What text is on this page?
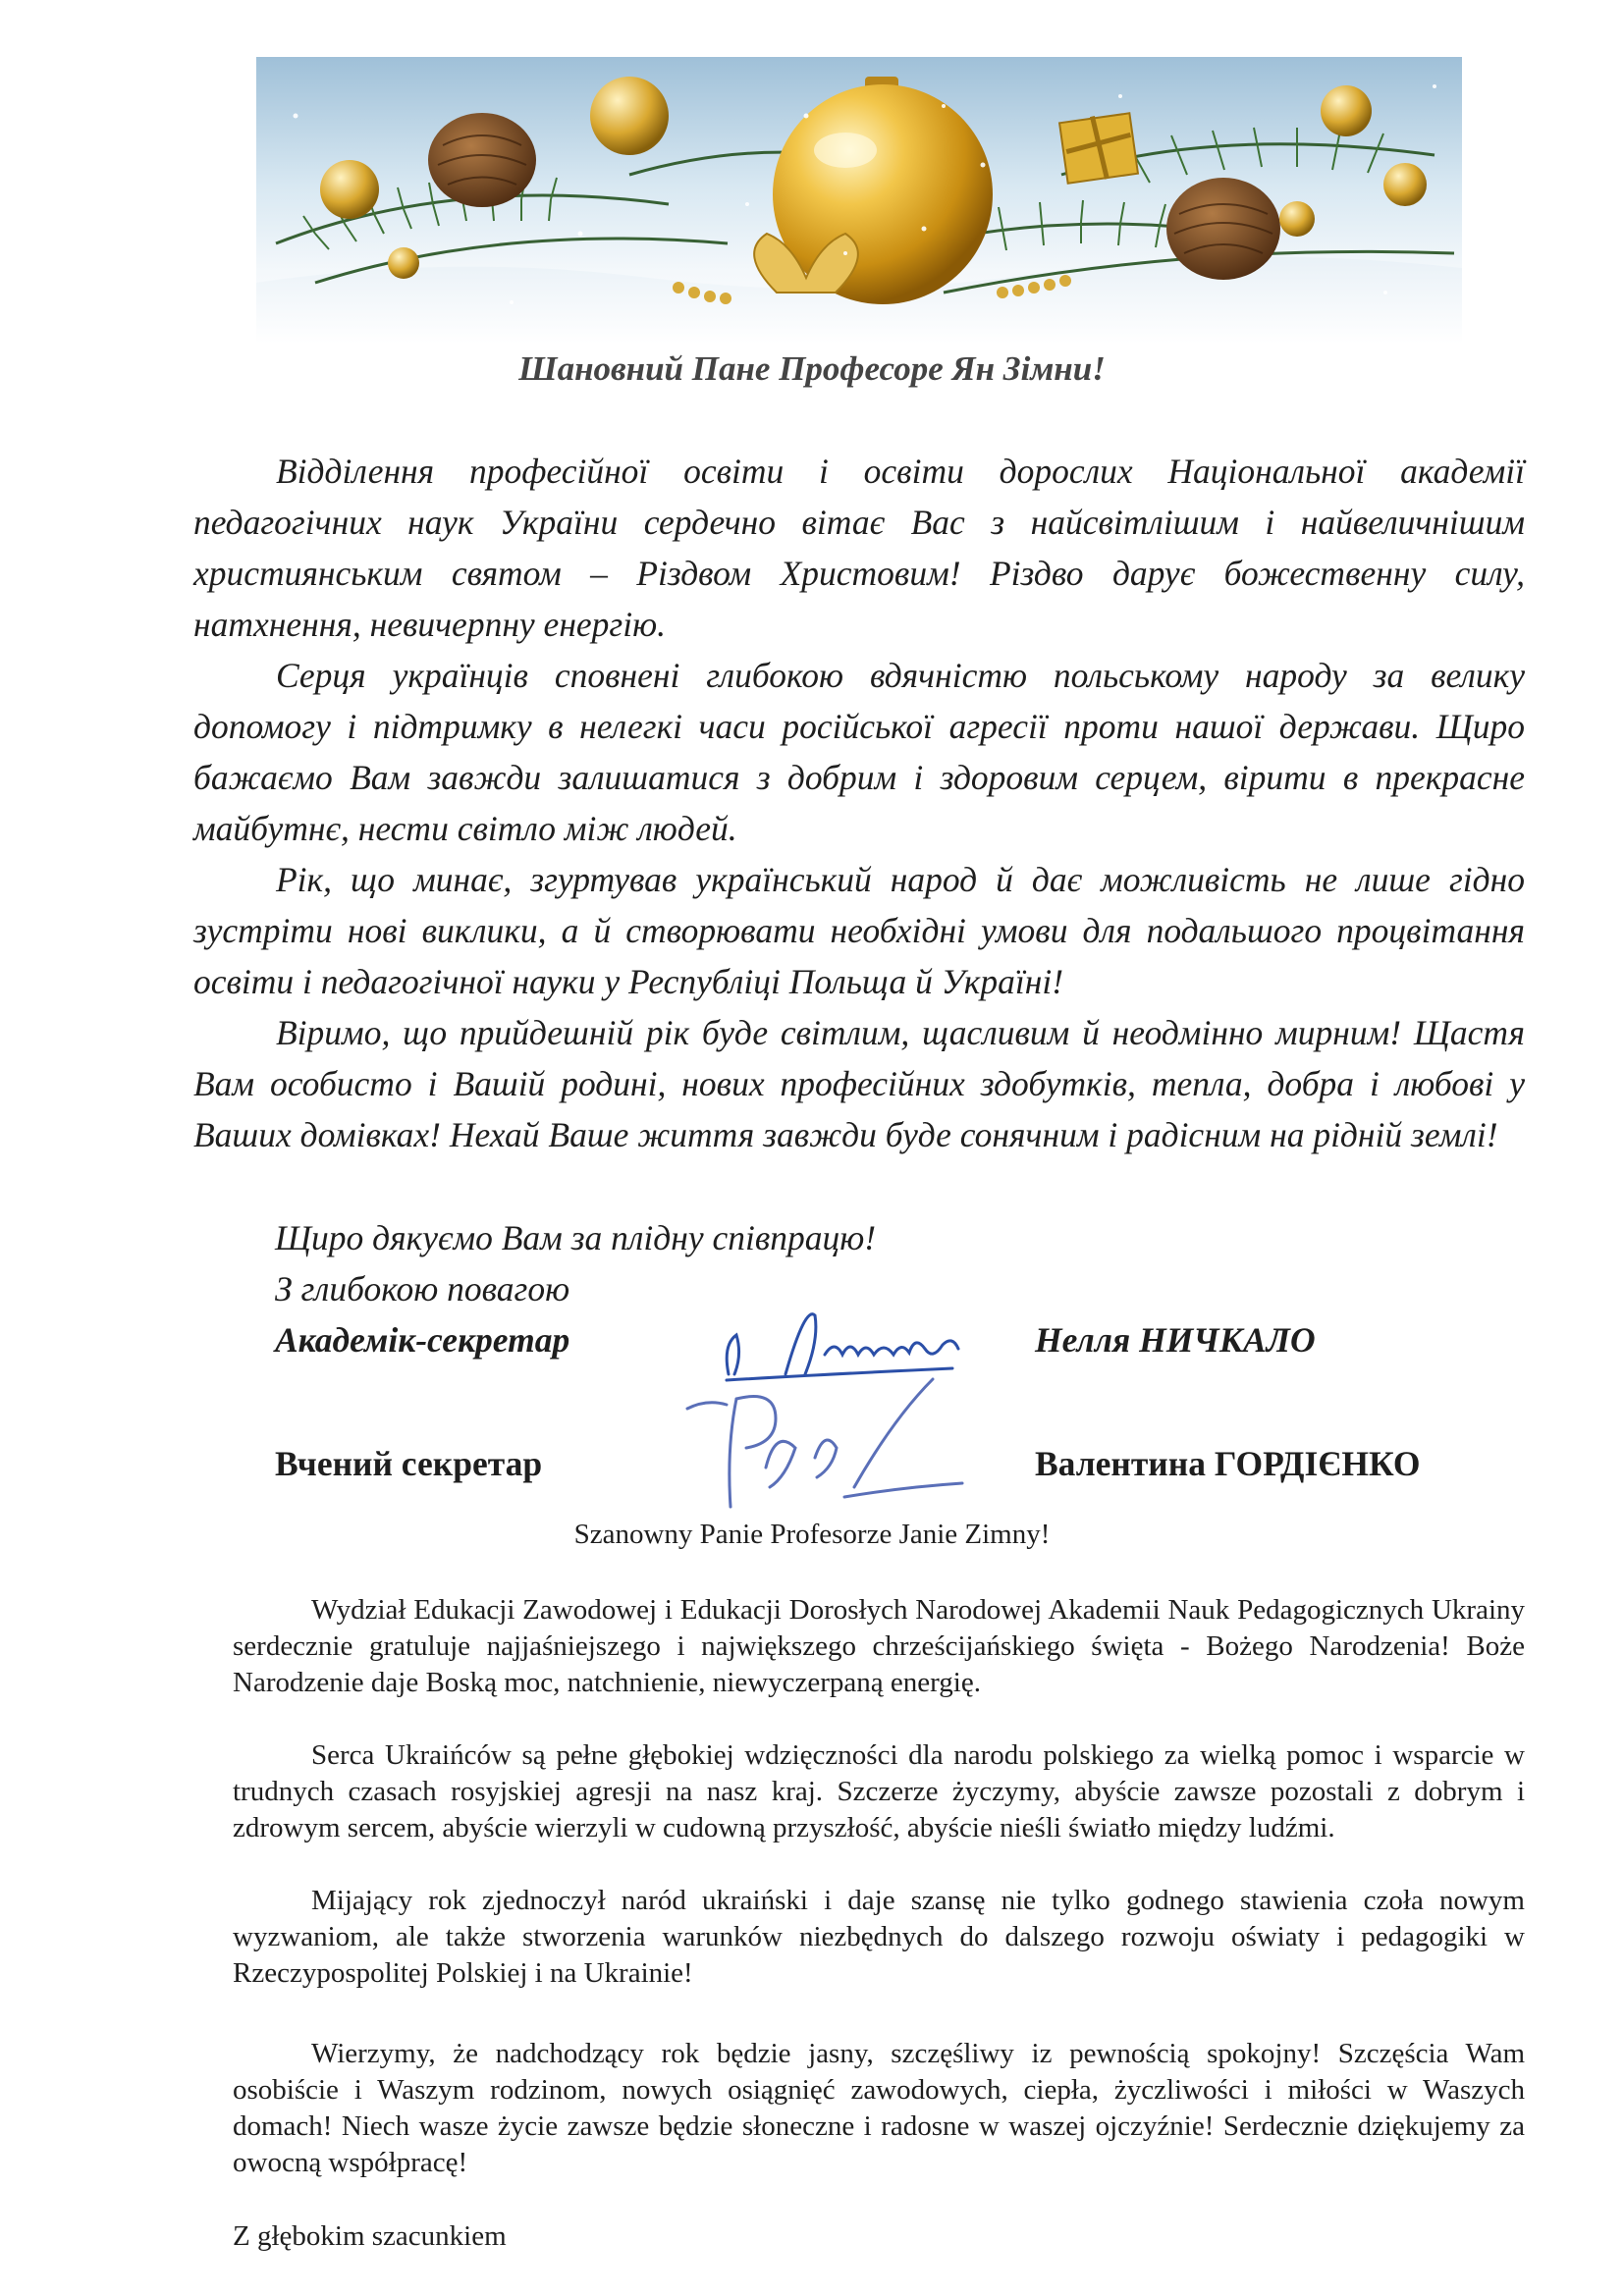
Шановний Пане Професоре Ян Зімни!

Відділення професійної освіти і освіти дорослих Національної академії педагогічних наук України сердечно вітає Вас з найсвітлішим і найвеличнішим християнським святом – Різдвом Христовим! Різдво дарує божественну силу, натхнення, невичерпну енергію.

Серця українців сповнені глибокою вдячністю польському народу за велику допомогу і підтримку в нелегкі часи російської агресії проти нашої держави. Щиро бажаємо Вам завжди залишатися з добрим і здоровим серцем, вірити в прекрасне майбутнє, нести світло між людей.

Рік, що минає, згуртував український народ й дає можливість не лише гідно зустріти нові виклики, а й створювати необхідні умови для подальшого процвітання освіти і педагогічної науки у Республіці Польща й Україні!

Віримо, що прийдешній рік буде світлим, щасливим й неодмінно мирним! Щастя Вам особисто і Вашій родині, нових професійних здобутків, тепла, добра і любові у Ваших домівках! Нехай Ваше життя завжди буде сонячним і радісним на рідній землі!

Щиро дякуємо Вам за плідну співпрацю!
З глибокою повагою
Академік-секретар	Нелля НИЧКАЛО
Вчений секретар	Валентина ГОРДІЄНКО
Szanowny Panie Profesorze Janie Zimny!

Wydział Edukacji Zawodowej i Edukacji Dorosłych Narodowej Akademii Nauk Pedagogicznych Ukrainy serdecznie gratuluje najjaśniejszego i największego chrześcijańskiego święta - Bożego Narodzenia! Boże Narodzenie daje Boską moc, natchnienie, niewyczerpaną energię.

Serca Ukraińców są pełne głębokiej wdzięczności dla narodu polskiego za wielką pomoc i wsparcie w trudnych czasach rosyjskiej agresji na nasz kraj. Szczerze życzymy, abyście zawsze pozostali z dobrym i zdrowym sercem, abyście wierzyli w cudowną przyszłość, abyście nieśli światło między ludźmi.

Mijający rok zjednoczył naród ukraiński i daje szansę nie tylko godnego stawienia czoła nowym wyzwaniom, ale także stworzenia warunków niezbędnych do dalszego rozwoju oświaty i pedagogiki w Rzeczypospolitej Polskiej i na Ukrainie!

Wierzymy, że nadchodzący rok będzie jasny, szczęśliwy iz pewnością spokojny! Szczęścia Wam osobiście i Waszym rodzinom, nowych osiągnięć zawodowych, ciepła, życzliwości i miłości w Waszych domach! Niech wasze życie zawsze będzie słoneczne i radosne w waszej ojczyźnie! Serdecznie dziękujemy za owocną współpracę!

Z głębokim szacunkiem
